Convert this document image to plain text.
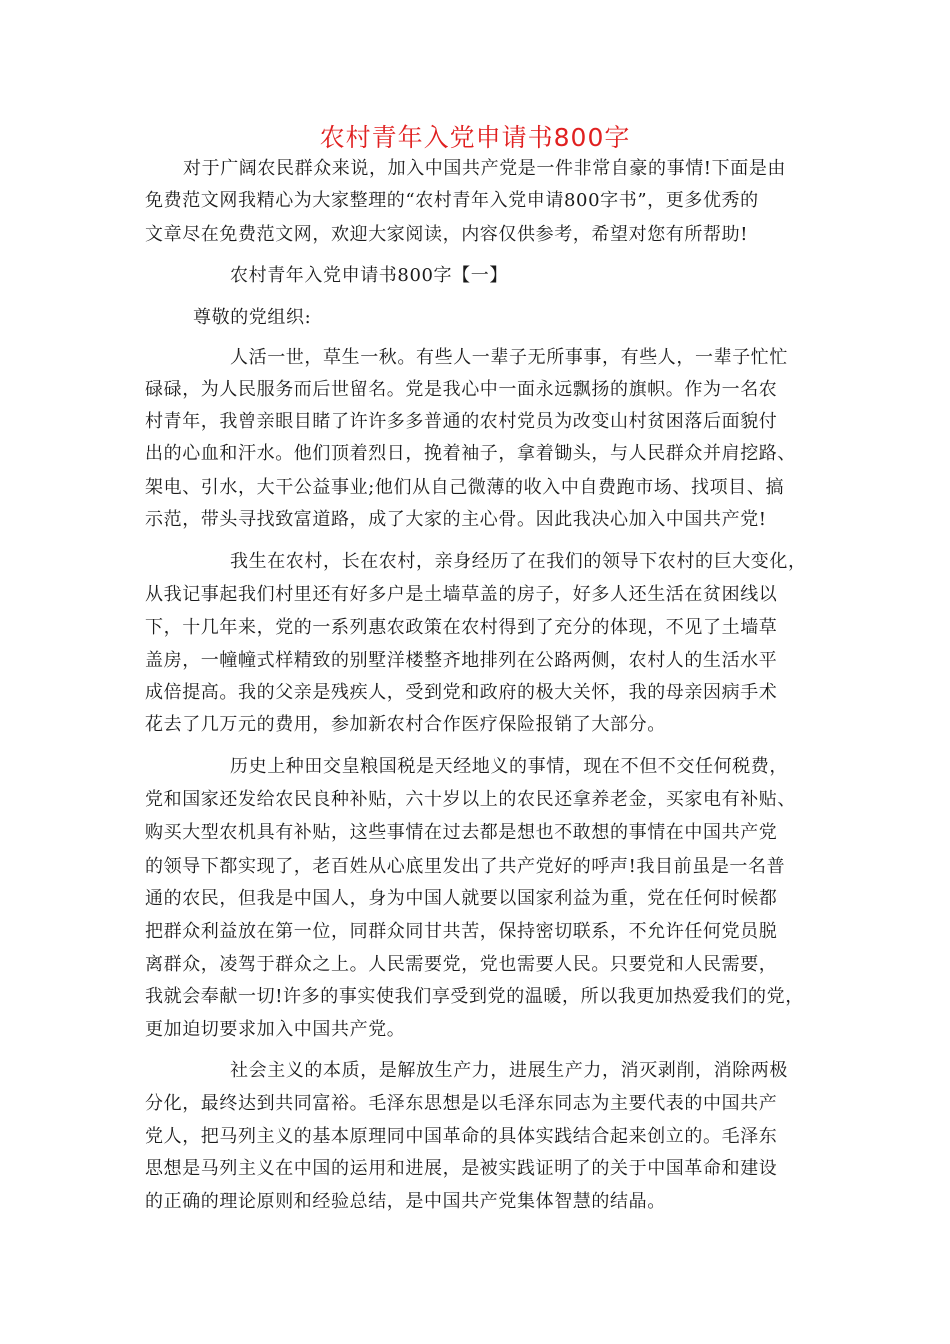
农村青年入党申请书800字
对于广阔农民群众来说，加入中国共产党是一件非常自豪的事情!下面是由
免费范文网我精心为大家整理的“农村青年入党申请800字书”，更多优秀的
文章尽在免费范文网，欢迎大家阅读，内容仅供参考，希望对您有所帮助!
农村青年入党申请书800字【一】
尊敬的党组织:
人活一世，草生一秋。有些人一辈子无所事事，有些人，一辈子忙忙
碌碌，为人民服务而后世留名。党是我心中一面永远飘扬的旗帜。作为一名农
村青年，我曾亲眼目睹了许许多多普通的农村党员为改变山村贫困落后面貌付
出的心血和汗水。他们顶着烈日，挽着袖子，拿着锄头，与人民群众并肩挖路、
架电、引水，大干公益事业;他们从自己微薄的收入中自费跑市场、找项目、搞
示范，带头寻找致富道路，成了大家的主心骨。因此我决心加入中国共产党!
我生在农村，长在农村，亲身经历了在我们的领导下农村的巨大变化，
从我记事起我们村里还有好多户是土墙草盖的房子，好多人还生活在贫困线以
下，十几年来，党的一系列惠农政策在农村得到了充分的体现，不见了土墙草
盖房，一幢幢式样精致的别墅洋楼整齐地排列在公路两侧，农村人的生活水平
成倍提高。我的父亲是残疾人，受到党和政府的极大关怀，我的母亲因病手术
花去了几万元的费用，参加新农村合作医疗保险报销了大部分。
历史上种田交皇粮国税是天经地义的事情，现在不但不交任何税费，
党和国家还发给农民良种补贴，六十岁以上的农民还拿养老金，买家电有补贴、
购买大型农机具有补贴，这些事情在过去都是想也不敢想的事情在中国共产党
的领导下都实现了，老百姓从心底里发出了共产党好的呼声!我目前虽是一名普
通的农民，但我是中国人，身为中国人就要以国家利益为重，党在任何时候都
把群众利益放在第一位，同群众同甘共苦，保持密切联系，不允许任何党员脱
离群众，凌驾于群众之上。人民需要党，党也需要人民。只要党和人民需要，
我就会奉献一切!许多的事实使我们享受到党的温暖，所以我更加热爱我们的党，
更加迫切要求加入中国共产党。
社会主义的本质，是解放生产力，进展生产力，消灭剥削，消除两极
分化，最终达到共同富裕。毛泽东思想是以毛泽东同志为主要代表的中国共产
党人，把马列主义的基本原理同中国革命的具体实践结合起来创立的。毛泽东
思想是马列主义在中国的运用和进展，是被实践证明了的关于中国革命和建设
的正确的理论原则和经验总结，是中国共产党集体智慧的结晶。
